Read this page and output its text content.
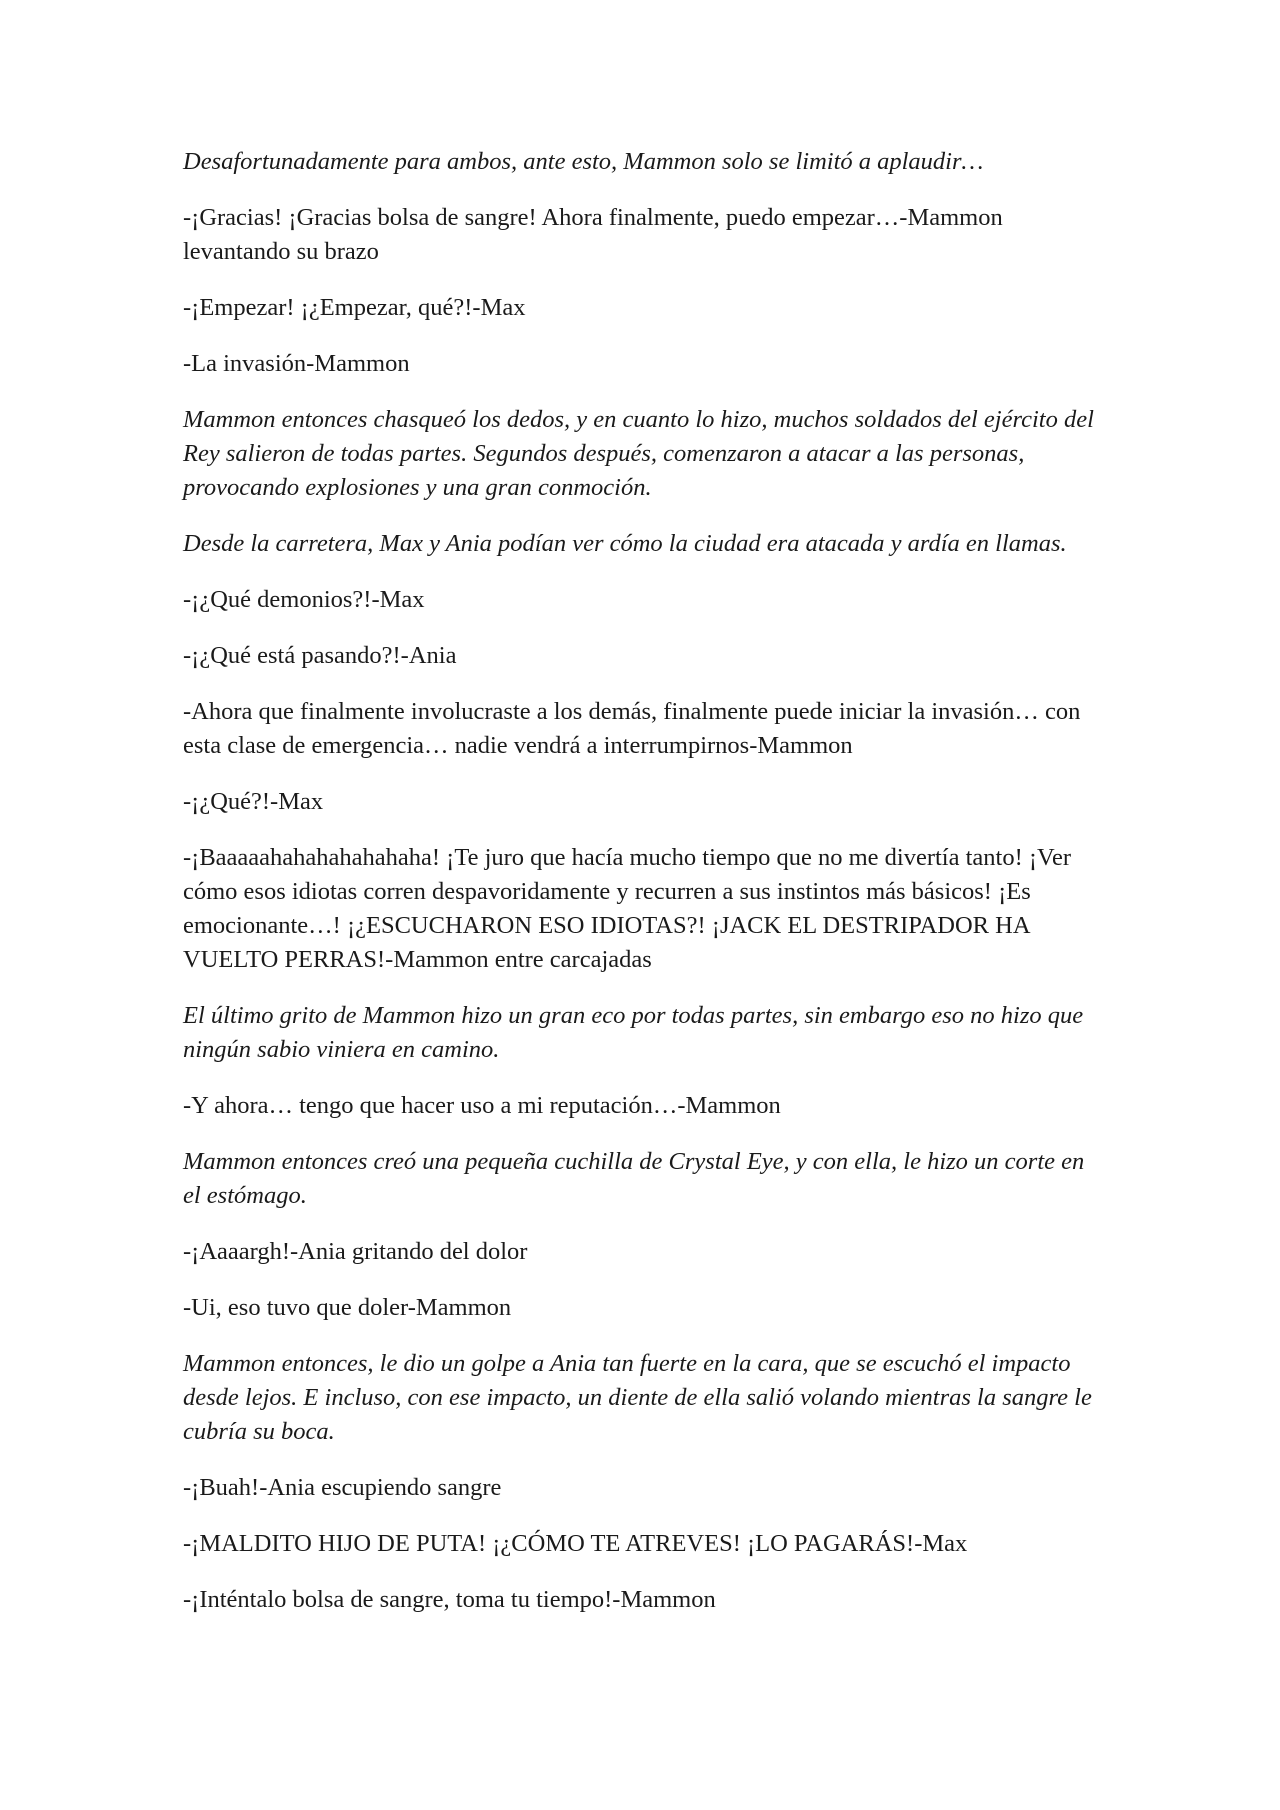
Desafortunadamente para ambos, ante esto, Mammon solo se limitó a aplaudir…

-¡Gracias! ¡Gracias bolsa de sangre! Ahora finalmente, puedo empezar…-Mammon levantando su brazo

-¡Empezar! ¡¿Empezar, qué?!-Max

-La invasión-Mammon

Mammon entonces chasqueó los dedos, y en cuanto lo hizo, muchos soldados del ejército del Rey salieron de todas partes. Segundos después, comenzaron a atacar a las personas, provocando explosiones y una gran conmoción.

Desde la carretera, Max y Ania podían ver cómo la ciudad era atacada y ardía en llamas.

-¡¿Qué demonios?!-Max

-¡¿Qué está pasando?!-Ania

-Ahora que finalmente involucraste a los demás, finalmente puede iniciar la invasión… con esta clase de emergencia… nadie vendrá a interrumpirnos-Mammon

-¡¿Qué?!-Max

-¡Baaaaahahahahahahaha! ¡Te juro que hacía mucho tiempo que no me divertía tanto! ¡Ver cómo esos idiotas corren despavoridamente y recurren a sus instintos más básicos! ¡Es emocionante…! ¡¿ESCUCHARON ESO IDIOTAS?! ¡JACK EL DESTRIPADOR HA VUELTO PERRAS!-Mammon entre carcajadas

El último grito de Mammon hizo un gran eco por todas partes, sin embargo eso no hizo que ningún sabio viniera en camino.

-Y ahora… tengo que hacer uso a mi reputación…-Mammon

Mammon entonces creó una pequeña cuchilla de Crystal Eye, y con ella, le hizo un corte en el estómago.

-¡Aaaargh!-Ania gritando del dolor

-Ui, eso tuvo que doler-Mammon

Mammon entonces, le dio un golpe a Ania tan fuerte en la cara, que se escuchó el impacto desde lejos. E incluso, con ese impacto, un diente de ella salió volando mientras la sangre le cubría su boca.

-¡Buah!-Ania escupiendo sangre

-¡MALDITO HIJO DE PUTA! ¡¿CÓMO TE ATREVES! ¡LO PAGARÁS!-Max

-¡Inténtalo bolsa de sangre, toma tu tiempo!-Mammon
